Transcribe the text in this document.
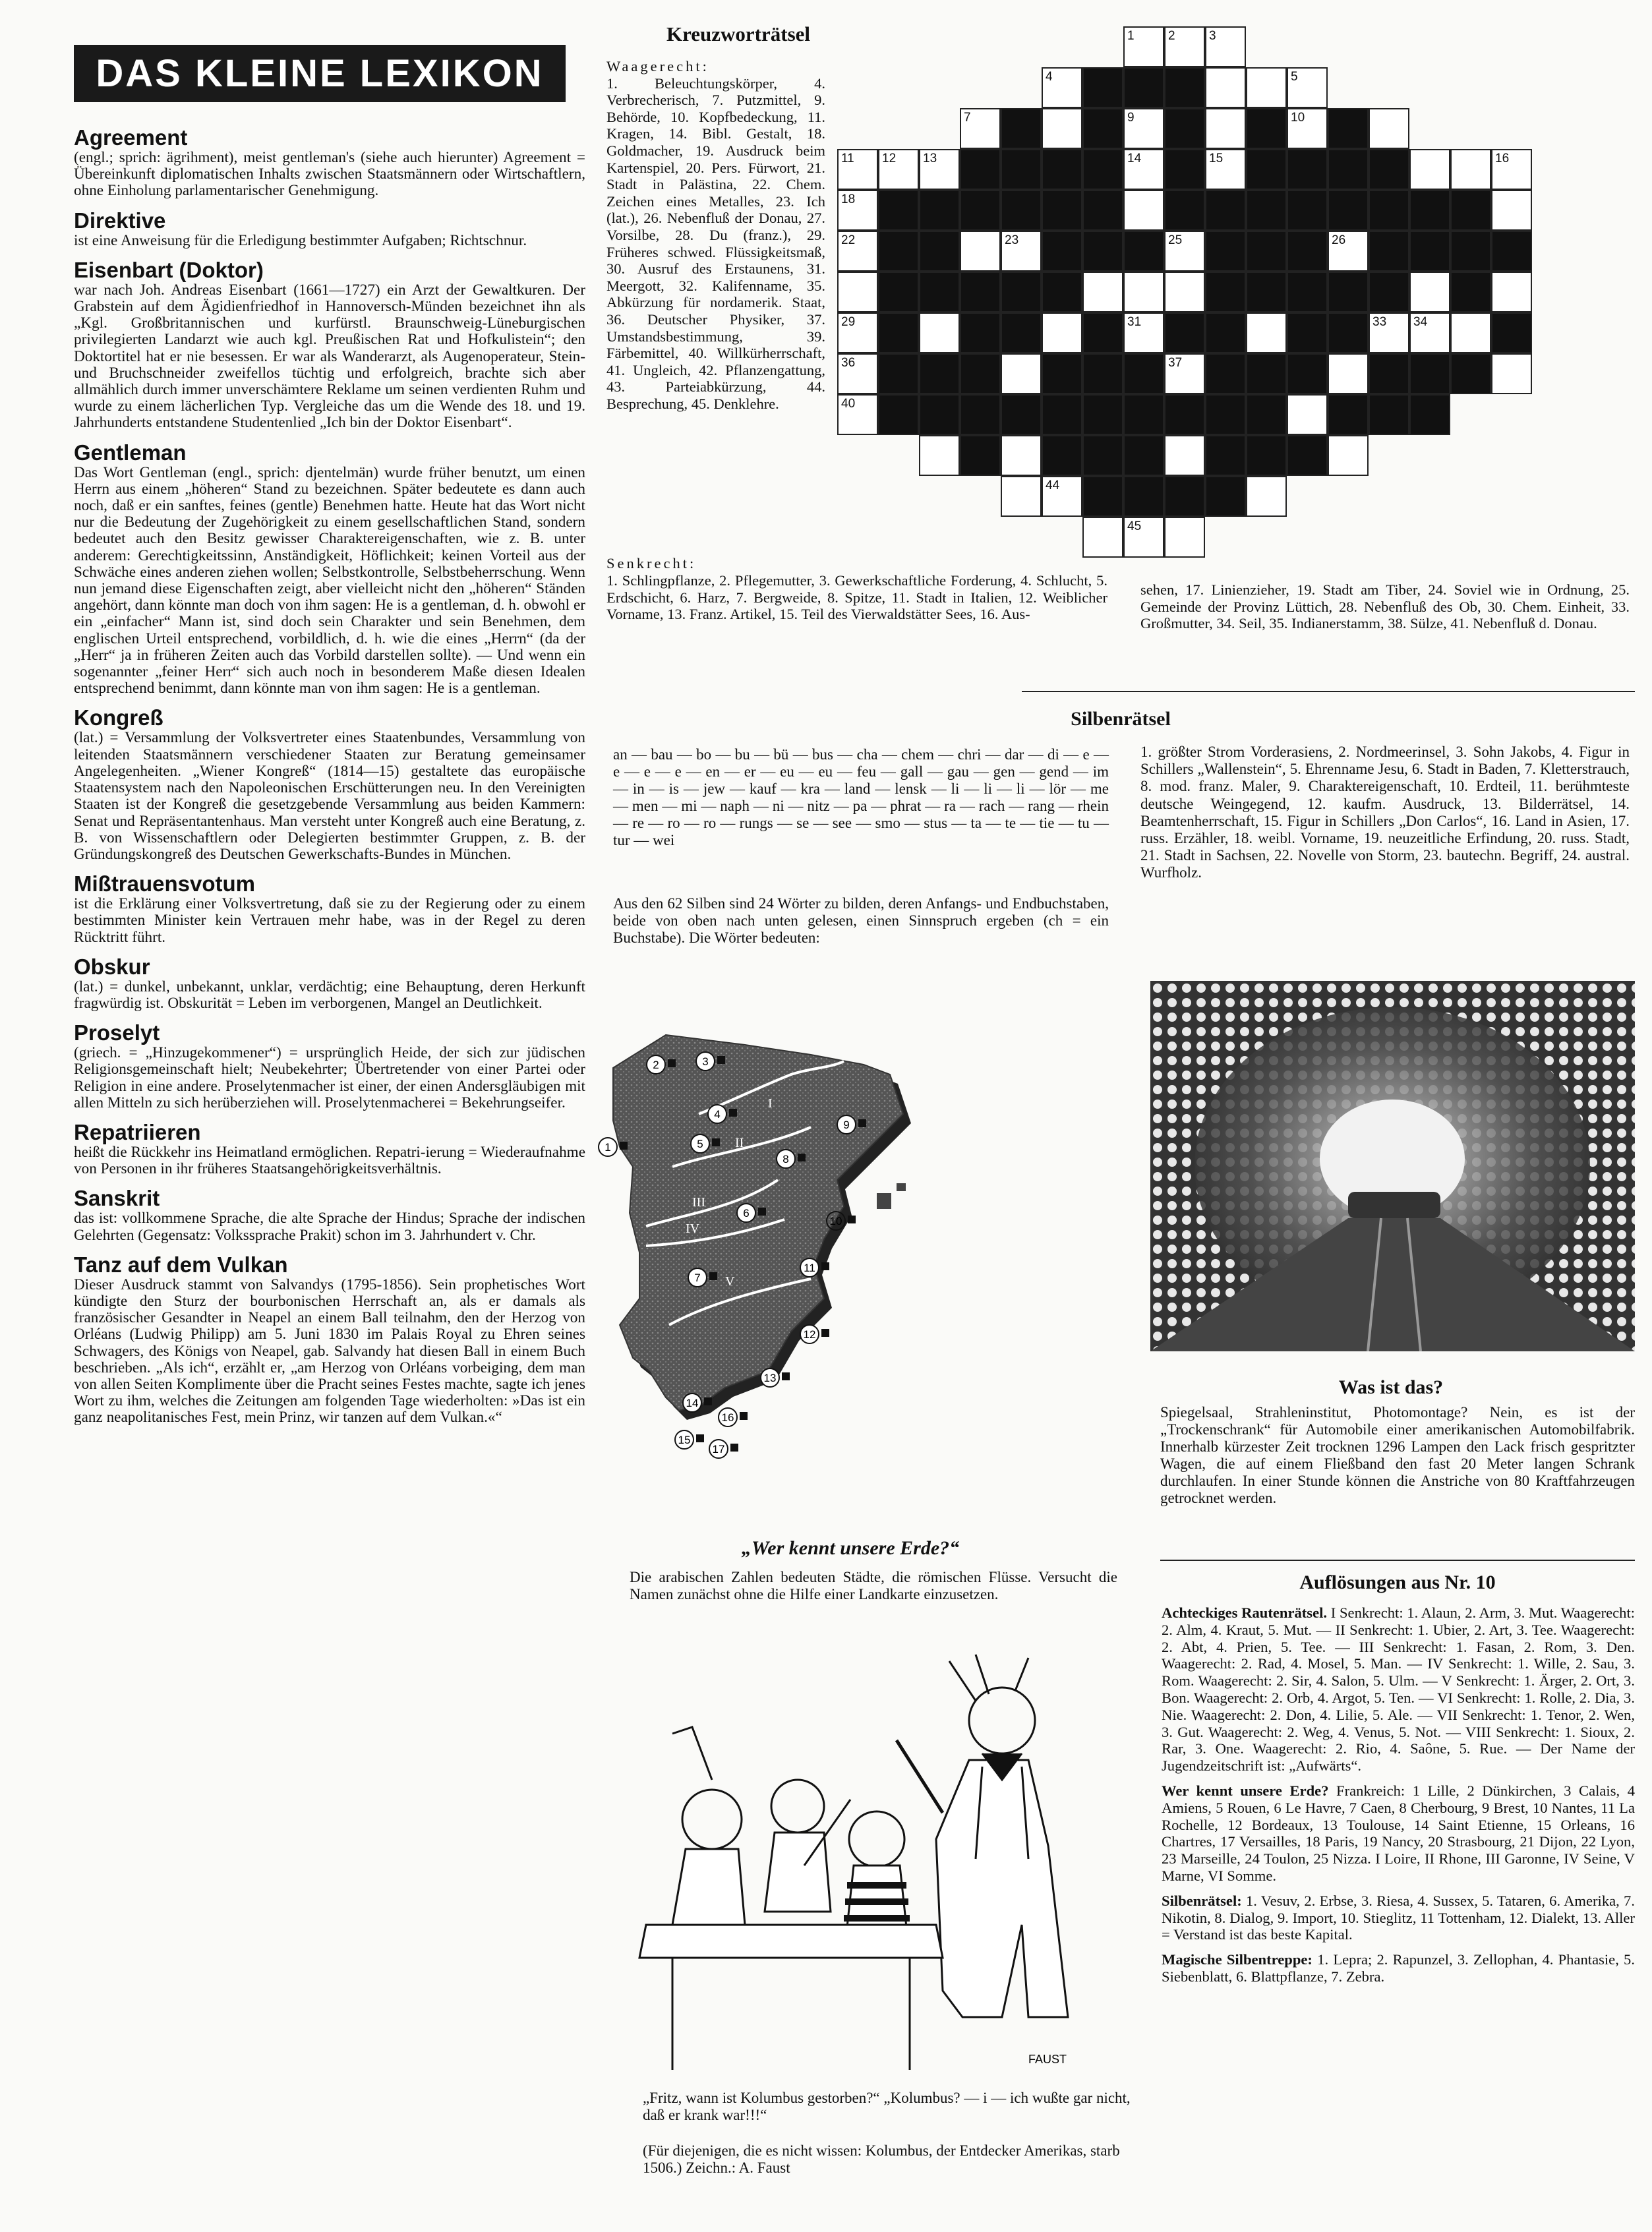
DAS KLEINE LEXIKON
Agreement
(engl.; sprich: ägrihment), meist gentleman's (siehe auch hierunter) Agreement = Übereinkunft diplomatischen Inhalts zwischen Staatsmännern oder Wirtschaftlern, ohne Einholung parlamentarischer Genehmigung.
Direktive
ist eine Anweisung für die Erledigung bestimmter Aufgaben; Richtschnur.
Eisenbart (Doktor)
war nach Joh. Andreas Eisenbart (1661—1727) ein Arzt der Gewaltkuren. Der Grabstein auf dem Ägidienfriedhof in Hannoversch-Münden bezeichnet ihn als „Kgl. Großbritannischen und kurfürstl. Braunschweig-Lüneburgischen privilegierten Landarzt wie auch kgl. Preußischen Rat und Hofkulistein“; den Doktortitel hat er nie besessen. Er war als Wanderarzt, als Augenoperateur, Stein- und Bruchschneider zweifellos tüchtig und erfolgreich, brachte sich aber allmählich durch immer unverschämtere Reklame um seinen verdienten Ruhm und wurde zu einem lächerlichen Typ. Vergleiche das um die Wende des 18. und 19. Jahrhunderts entstandene Studentenlied „Ich bin der Doktor Eisenbart“.
Gentleman
Das Wort Gentleman (engl., sprich: djentelmän) wurde früher benutzt, um einen Herrn aus einem „höheren“ Stand zu bezeichnen. Später bedeutete es dann auch noch, daß er ein sanftes, feines (gentle) Benehmen hatte. Heute hat das Wort nicht nur die Bedeutung der Zugehörigkeit zu einem gesellschaftlichen Stand, sondern bedeutet auch den Besitz gewisser Charaktereigenschaften, wie z. B. unter anderem: Gerechtigkeitssinn, Anständigkeit, Höflichkeit; keinen Vorteil aus der Schwäche eines anderen ziehen wollen; Selbstkontrolle, Selbstbeherrschung. Wenn nun jemand diese Eigenschaften zeigt, aber vielleicht nicht den „höheren“ Ständen angehört, dann könnte man doch von ihm sagen: He is a gentleman, d. h. obwohl er ein „einfacher“ Mann ist, sind doch sein Charakter und sein Benehmen, dem englischen Urteil entsprechend, vorbildlich, d. h. wie die eines „Herrn“ (da der „Herr“ ja in früheren Zeiten auch das Vorbild darstellen sollte). — Und wenn ein sogenannter „feiner Herr“ sich auch noch in besonderem Maße diesen Idealen entsprechend benimmt, dann könnte man von ihm sagen: He is a gentleman.
Kongreß
(lat.) = Versammlung der Volksvertreter eines Staatenbundes, Versammlung von leitenden Staatsmännern verschiedener Staaten zur Beratung gemeinsamer Angelegenheiten. „Wiener Kongreß“ (1814—15) gestaltete das europäische Staatensystem nach den Napoleonischen Erschütterungen neu. In den Vereinigten Staaten ist der Kongreß die gesetzgebende Versammlung aus beiden Kammern: Senat und Repräsentantenhaus. Man versteht unter Kongreß auch eine Beratung, z. B. von Wissenschaftlern oder Delegierten bestimmter Gruppen, z. B. der Gründungskongreß des Deutschen Gewerkschafts-Bundes in München.
Mißtrauensvotum
ist die Erklärung einer Volksvertretung, daß sie zu der Regierung oder zu einem bestimmten Minister kein Vertrauen mehr habe, was in der Regel zu deren Rücktritt führt.
Obskur
(lat.) = dunkel, unbekannt, unklar, verdächtig; eine Behauptung, deren Herkunft fragwürdig ist. Obskurität = Leben im verborgenen, Mangel an Deutlichkeit.
Proselyt
(griech. = „Hinzugekommener“) = ursprünglich Heide, der sich zur jüdischen Religionsgemeinschaft hielt; Neubekehrter; Übertretender von einer Partei oder Religion in eine andere. Proselytenmacher ist einer, der einen Andersgläubigen mit allen Mitteln zu sich herüberziehen will. Proselytenmacherei = Bekehrungseifer.
Repatriieren
heißt die Rückkehr ins Heimatland ermöglichen. Repatri-ierung = Wiederaufnahme von Personen in ihr früheres Staatsangehörigkeitsverhältnis.
Sanskrit
das ist: vollkommene Sprache, die alte Sprache der Hindus; Sprache der indischen Gelehrten (Gegensatz: Volkssprache Prakit) schon im 3. Jahrhundert v. Chr.
Tanz auf dem Vulkan
Dieser Ausdruck stammt von Salvandys (1795-1856). Sein prophetisches Wort kündigte den Sturz der bourbonischen Herrschaft an, als er damals als französischer Gesandter in Neapel an einem Ball teilnahm, den der Herzog von Orléans (Ludwig Philipp) am 5. Juni 1830 im Palais Royal zu Ehren seines Schwagers, des Königs von Neapel, gab. Salvandy hat diesen Ball in einem Buch beschrieben. „Als ich“, erzählt er, „am Herzog von Orléans vorbeiging, dem man von allen Seiten Komplimente über die Pracht seines Festes machte, sagte ich jenes Wort zu ihm, welches die Zeitungen am folgenden Tage wiederholten: »Das ist ein ganz neapolitanisches Fest, mein Prinz, wir tanzen auf dem Vulkan.«“
Kreuzworträtsel
Waagerecht:
1. Beleuchtungskörper, 4. Verbrecherisch, 7. Putzmittel, 9. Behörde, 10. Kopfbedeckung, 11. Kragen, 14. Bibl. Gestalt, 18. Goldmacher, 19. Ausdruck beim Kartenspiel, 20. Pers. Fürwort, 21. Stadt in Palästina, 22. Chem. Zeichen eines Metalles, 23. Ich (lat.), 26. Nebenfluß der Donau, 27. Vorsilbe, 28. Du (franz.), 29. Früheres schwed. Flüssigkeitsmaß, 30. Ausruf des Erstaunens, 31. Meergott, 32. Kalifenname, 35. Abkürzung für nordamerik. Staat, 36. Deutscher Physiker, 37. Umstandsbestimmung, 39. Färbemittel, 40. Willkürherrschaft, 41. Ungleich, 42. Pflanzengattung, 43. Parteiabkürzung, 44. Besprechung, 45. Denklehre.
Senkrecht:
1. Schlingpflanze, 2. Pflegemutter, 3. Gewerkschaftliche Forderung, 4. Schlucht, 5. Erdschicht, 6. Harz, 7. Bergweide, 8. Spitze, 11. Stadt in Italien, 12. Weiblicher Vorname, 13. Franz. Artikel, 15. Teil des Vierwaldstätter Sees, 16. Aus-
sehen, 17. Linienzieher, 19. Stadt am Tiber, 24. Soviel wie in Ordnung, 25. Gemeinde der Provinz Lüttich, 28. Nebenfluß des Ob, 30. Chem. Einheit, 33. Großmutter, 34. Seil, 35. Indianerstamm, 38. Sülze, 41. Nebenfluß d. Donau.
1	2	3
4	5
7	9	10
11 12 13	14	15	16
18
22	23	25	26
29	31	33 34
36	37
40
44
45
Silbenrätsel
an — bau — bo — bu — bü — bus — cha — chem — chri — dar — di — e — e — e — e — en — er — eu — eu — feu — gall — gau — gen — gend — im — in — is — jew — kauf — kra — land — lensk — li — li — li — lör — me — men — mi — naph — ni — nitz — pa — phrat — ra — rach — rang — rhein — re — ro — ro — rungs — se — see — smo — stus — ta — te — tie — tu — tur — wei
Aus den 62 Silben sind 24 Wörter zu bilden, deren Anfangs- und Endbuchstaben, beide von oben nach unten gelesen, einen Sinnspruch ergeben (ch = ein Buchstabe). Die Wörter bedeuten:
1. größter Strom Vorderasiens, 2. Nordmeerinsel, 3. Sohn Jakobs, 4. Figur in Schillers „Wallenstein“, 5. Ehrenname Jesu, 6. Stadt in Baden, 7. Kletterstrauch, 8. mod. franz. Maler, 9. Charaktereigenschaft, 10. Erdteil, 11. berühmteste deutsche Weingegend, 12. kaufm. Ausdruck, 13. Bilderrätsel, 14. Beamtenherrschaft, 15. Figur in Schillers „Don Carlos“, 16. Land in Asien, 17. russ. Erzähler, 18. weibl. Vorname, 19. neuzeitliche Erfindung, 20. russ. Stadt, 21. Stadt in Sachsen, 22. Novelle von Storm, 23. bautechn. Begriff, 24. austral. Wurfholz.
1
2	3
4
5
6
7
8
9
10
11
12
13
14
15
16
17
I
II
III
IV
V
„Wer kennt unsere Erde?“
Die arabischen Zahlen bedeuten Städte, die römischen Flüsse. Versucht die Namen zunächst ohne die Hilfe einer Landkarte einzusetzen.
Was ist das?
Spiegelsaal, Strahleninstitut, Photomontage? Nein, es ist der „Trockenschrank“ für Automobile einer amerikanischen Automobilfabrik. Innerhalb kürzester Zeit trocknen 1296 Lampen den Lack frisch gespritzter Wagen, die auf einem Fließband den fast 20 Meter langen Schrank durchlaufen. In einer Stunde können die Anstriche von 80 Kraftfahrzeugen getrocknet werden.
FAUST
„Fritz, wann ist Kolumbus gestorben?“ „Kolumbus? — i — ich wußte gar nicht, daß er krank war!!!“
(Für diejenigen, die es nicht wissen: Kolumbus, der Entdecker Amerikas, starb 1506.) Zeichn.: A. Faust
Auflösungen aus Nr. 10
Achteckiges Rautenrätsel. I Senkrecht: 1. Alaun, 2. Arm, 3. Mut. Waagerecht: 2. Alm, 4. Kraut, 5. Mut. — II Senkrecht: 1. Ubier, 2. Art, 3. Tee. Waagerecht: 2. Abt, 4. Prien, 5. Tee. — III Senkrecht: 1. Fasan, 2. Rom, 3. Den. Waagerecht: 2. Rad, 4. Mosel, 5. Man. — IV Senkrecht: 1. Wille, 2. Sau, 3. Rom. Waagerecht: 2. Sir, 4. Salon, 5. Ulm. — V Senkrecht: 1. Ärger, 2. Ort, 3. Bon. Waagerecht: 2. Orb, 4. Argot, 5. Ten. — VI Senkrecht: 1. Rolle, 2. Dia, 3. Nie. Waagerecht: 2. Don, 4. Lilie, 5. Ale. — VII Senkrecht: 1. Tenor, 2. Wen, 3. Gut. Waagerecht: 2. Weg, 4. Venus, 5. Not. — VIII Senkrecht: 1. Sioux, 2. Rar, 3. One. Waagerecht: 2. Rio, 4. Saône, 5. Rue. — Der Name der Jugendzeitschrift ist: „Aufwärts“.
Wer kennt unsere Erde? Frankreich: 1 Lille, 2 Dünkirchen, 3 Calais, 4 Amiens, 5 Rouen, 6 Le Havre, 7 Caen, 8 Cherbourg, 9 Brest, 10 Nantes, 11 La Rochelle, 12 Bordeaux, 13 Toulouse, 14 Saint Etienne, 15 Orleans, 16 Chartres, 17 Versailles, 18 Paris, 19 Nancy, 20 Strasbourg, 21 Dijon, 22 Lyon, 23 Marseille, 24 Toulon, 25 Nizza. I Loire, II Rhone, III Garonne, IV Seine, V Marne, VI Somme.
Silbenrätsel: 1. Vesuv, 2. Erbse, 3. Riesa, 4. Sussex, 5. Tataren, 6. Amerika, 7. Nikotin, 8. Dialog, 9. Import, 10. Stieglitz, 11 Tottenham, 12. Dialekt, 13. Aller = Verstand ist das beste Kapital.
Magische Silbentreppe: 1. Lepra; 2. Rapunzel, 3. Zellophan, 4. Phantasie, 5. Siebenblatt, 6. Blattpflanze, 7. Zebra.
